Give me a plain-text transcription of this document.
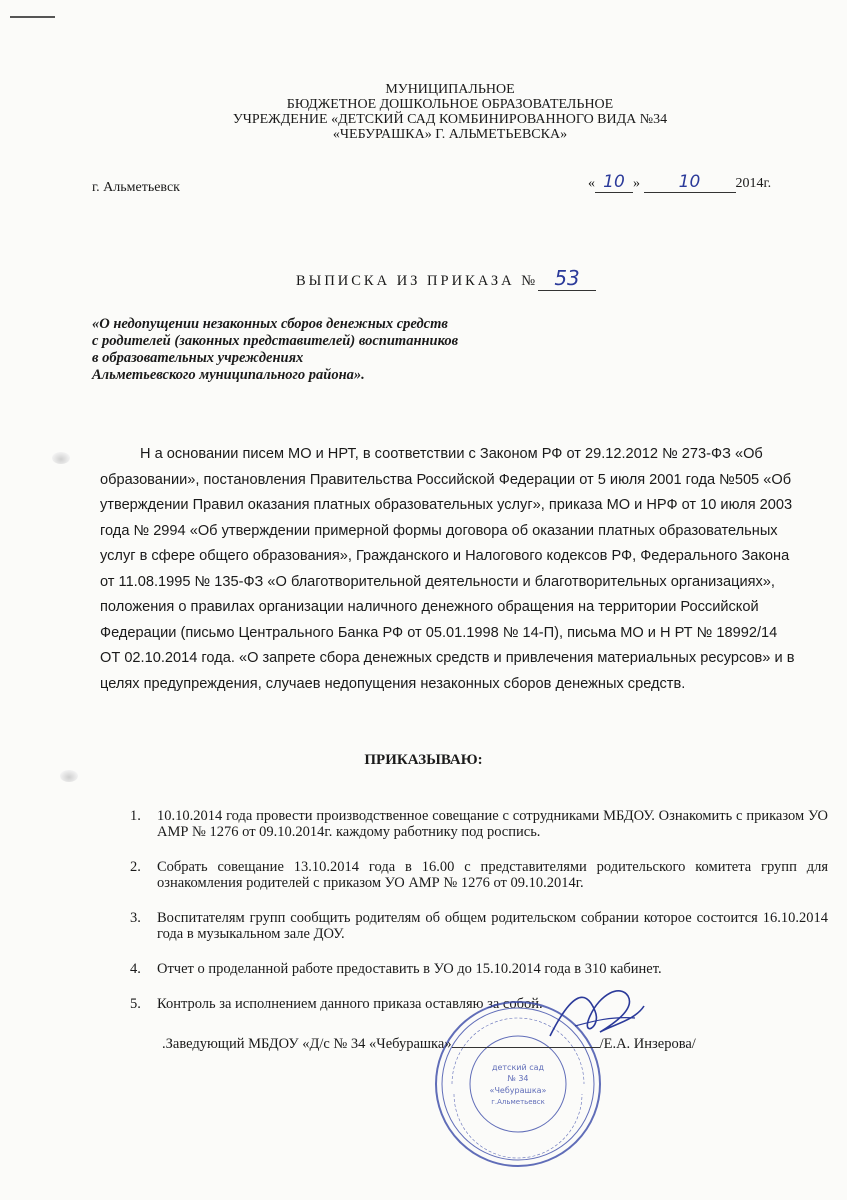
МУНИЦИПАЛЬНОЕ
БЮДЖЕТНОЕ ДОШКОЛЬНОЕ ОБРАЗОВАТЕЛЬНОЕ
УЧРЕЖДЕНИЕ «ДЕТСКИЙ САД КОМБИНИРОВАННОГО ВИДА №34
«ЧЕБУРАШКА» Г. АЛЬМЕТЬЕВСКА»
г. Альметьевск	« 10 » 10	2014г.
ВЫПИСКА ИЗ ПРИКАЗА № 53
«О недопущении незаконных сборов денежных средств
с родителей (законных представителей) воспитанников
в образовательных учреждениях
Альметьевского муниципального района».
Н а основании писем МО и НРТ, в соответствии с Законом РФ от 29.12.2012 № 273-ФЗ «Об образовании», постановления Правительства Российской Федерации от 5 июля 2001 года №505 «Об утверждении Правил оказания платных образовательных услуг», приказа МО и НРФ от 10 июля 2003 года № 2994 «Об утверждении примерной формы договора об оказании платных образовательных услуг в сфере общего образования», Гражданского и Налогового кодексов РФ, Федерального Закона от 11.08.1995 № 135-ФЗ «О благотворительной деятельности и благотворительных организациях», положения о правилах организации наличного денежного обращения на территории Российской Федерации (письмо Центрального Банка РФ от 05.01.1998 № 14-П), письма МО и Н РТ № 18992/14 ОТ 02.10.2014 года. «О запрете сбора денежных средств и привлечения материальных ресурсов» и в целях предупреждения, случаев недопущения незаконных сборов денежных средств.
ПРИКАЗЫВАЮ:
1.	10.10.2014 года провести производственное совещание с сотрудниками МБДОУ. Ознакомить с приказом УО АМР № 1276 от 09.10.2014г. каждому работнику под роспись.
2.	Собрать совещание 13.10.2014 года в 16.00 с представителями родительского комитета групп для ознакомления родителей с приказом УО АМР № 1276 от 09.10.2014г.
3.	Воспитателям групп сообщить родителям об общем родительском собрании которое состоится 16.10.2014 года в музыкальном зале ДОУ.
4.	Отчет о проделанной работе предоставить в УО до 15.10.2014 года в 310 кабинет.
5.	Контроль за исполнением данного приказа оставляю за собой.
детский сад
№ 34
«Чебурашка»
г.Альметьевск
.Заведующий МБДОУ «Д/с № 34 «Чебурашка»	/Е.А. Инзерова/
